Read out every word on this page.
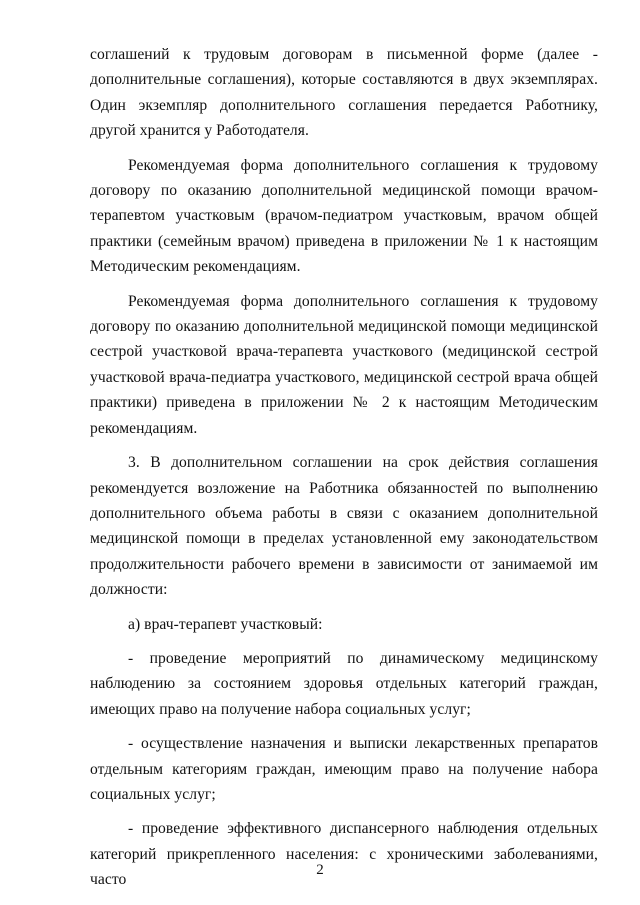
соглашений к трудовым договорам в письменной форме (далее - дополнительные соглашения), которые составляются в двух экземплярах. Один экземпляр дополнительного соглашения передается Работнику, другой хранится у Работодателя.

Рекомендуемая форма дополнительного соглашения к трудовому договору по оказанию дополнительной медицинской помощи врачом-терапевтом участковым (врачом-педиатром участковым, врачом общей практики (семейным врачом) приведена в приложении № 1 к настоящим Методическим рекомендациям.

Рекомендуемая форма дополнительного соглашения к трудовому договору по оказанию дополнительной медицинской помощи медицинской сестрой участковой врача-терапевта участкового (медицинской сестрой участковой врача-педиатра участкового, медицинской сестрой врача общей практики) приведена в приложении № 2 к настоящим Методическим рекомендациям.

3. В дополнительном соглашении на срок действия соглашения рекомендуется возложение на Работника обязанностей по выполнению дополнительного объема работы в связи с оказанием дополнительной медицинской помощи в пределах установленной ему законодательством продолжительности рабочего времени в зависимости от занимаемой им должности:

а) врач-терапевт участковый:

- проведение мероприятий по динамическому медицинскому наблюдению за состоянием здоровья отдельных категорий граждан, имеющих право на получение набора социальных услуг;

- осуществление назначения и выписки лекарственных препаратов отдельным категориям граждан, имеющим право на получение набора социальных услуг;

- проведение эффективного диспансерного наблюдения отдельных категорий прикрепленного населения: с хроническими заболеваниями, часто

2
